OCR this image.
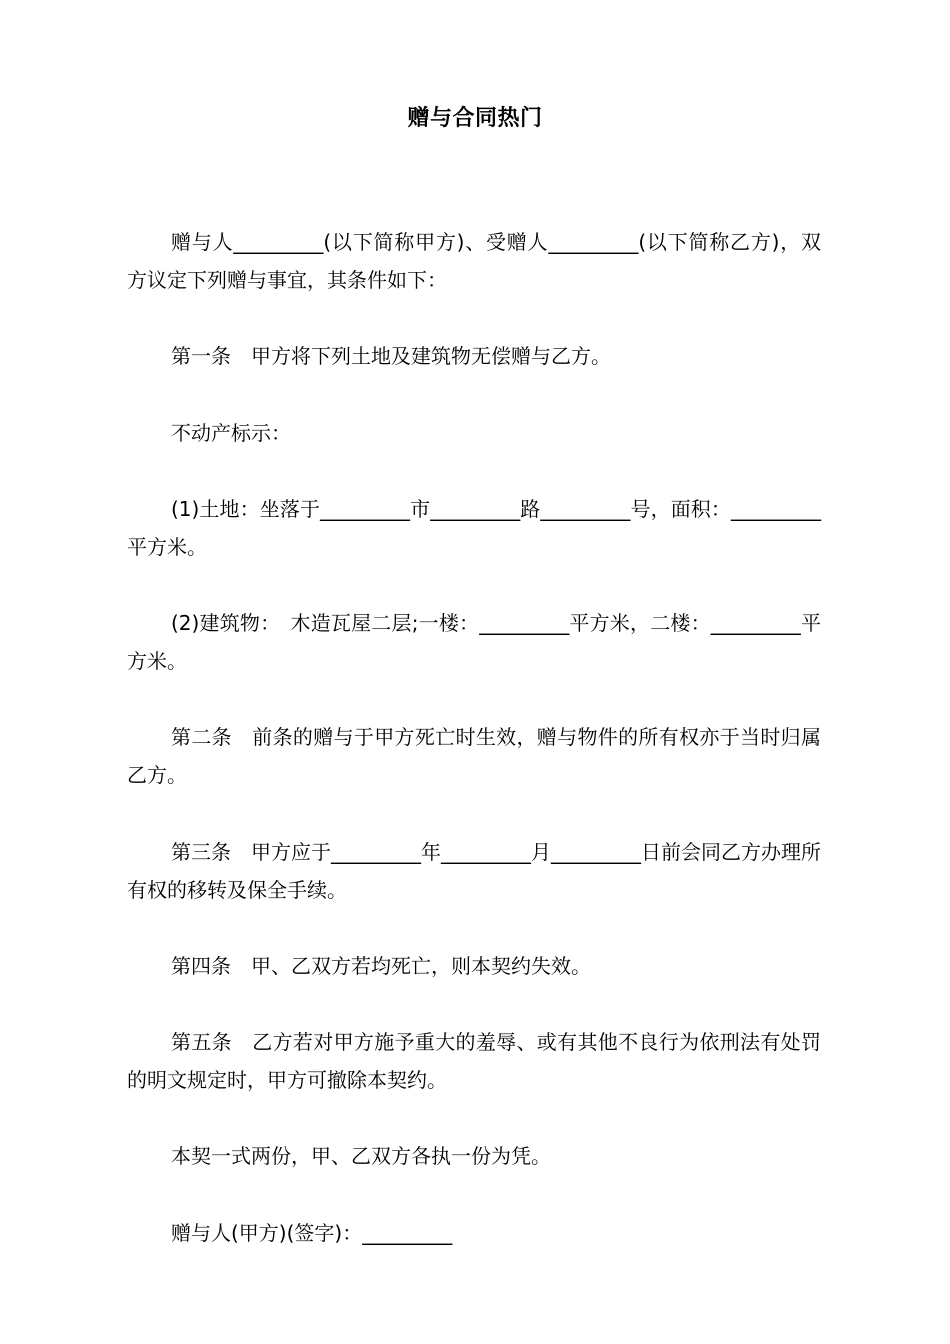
赠与合同热门

赠与人_________(以下简称甲方)、受赠人_________(以下简称乙方)，双方议定下列赠与事宜，其条件如下：

第一条　甲方将下列土地及建筑物无偿赠与乙方。

不动产标示：

(1)土地：坐落于_________市_________路_________号，面积：_________平方米。

(2)建筑物：　木造瓦屋二层;一楼：_________平方米，二楼：_________平方米。

第二条　前条的赠与于甲方死亡时生效，赠与物件的所有权亦于当时归属乙方。

第三条　甲方应于_________年_________月_________日前会同乙方办理所有权的移转及保全手续。

第四条　甲、乙双方若均死亡，则本契约失效。

第五条　乙方若对甲方施予重大的羞辱、或有其他不良行为依刑法有处罚的明文规定时，甲方可撤除本契约。

本契一式两份，甲、乙双方各执一份为凭。

赠与人(甲方)(签字)：_________
